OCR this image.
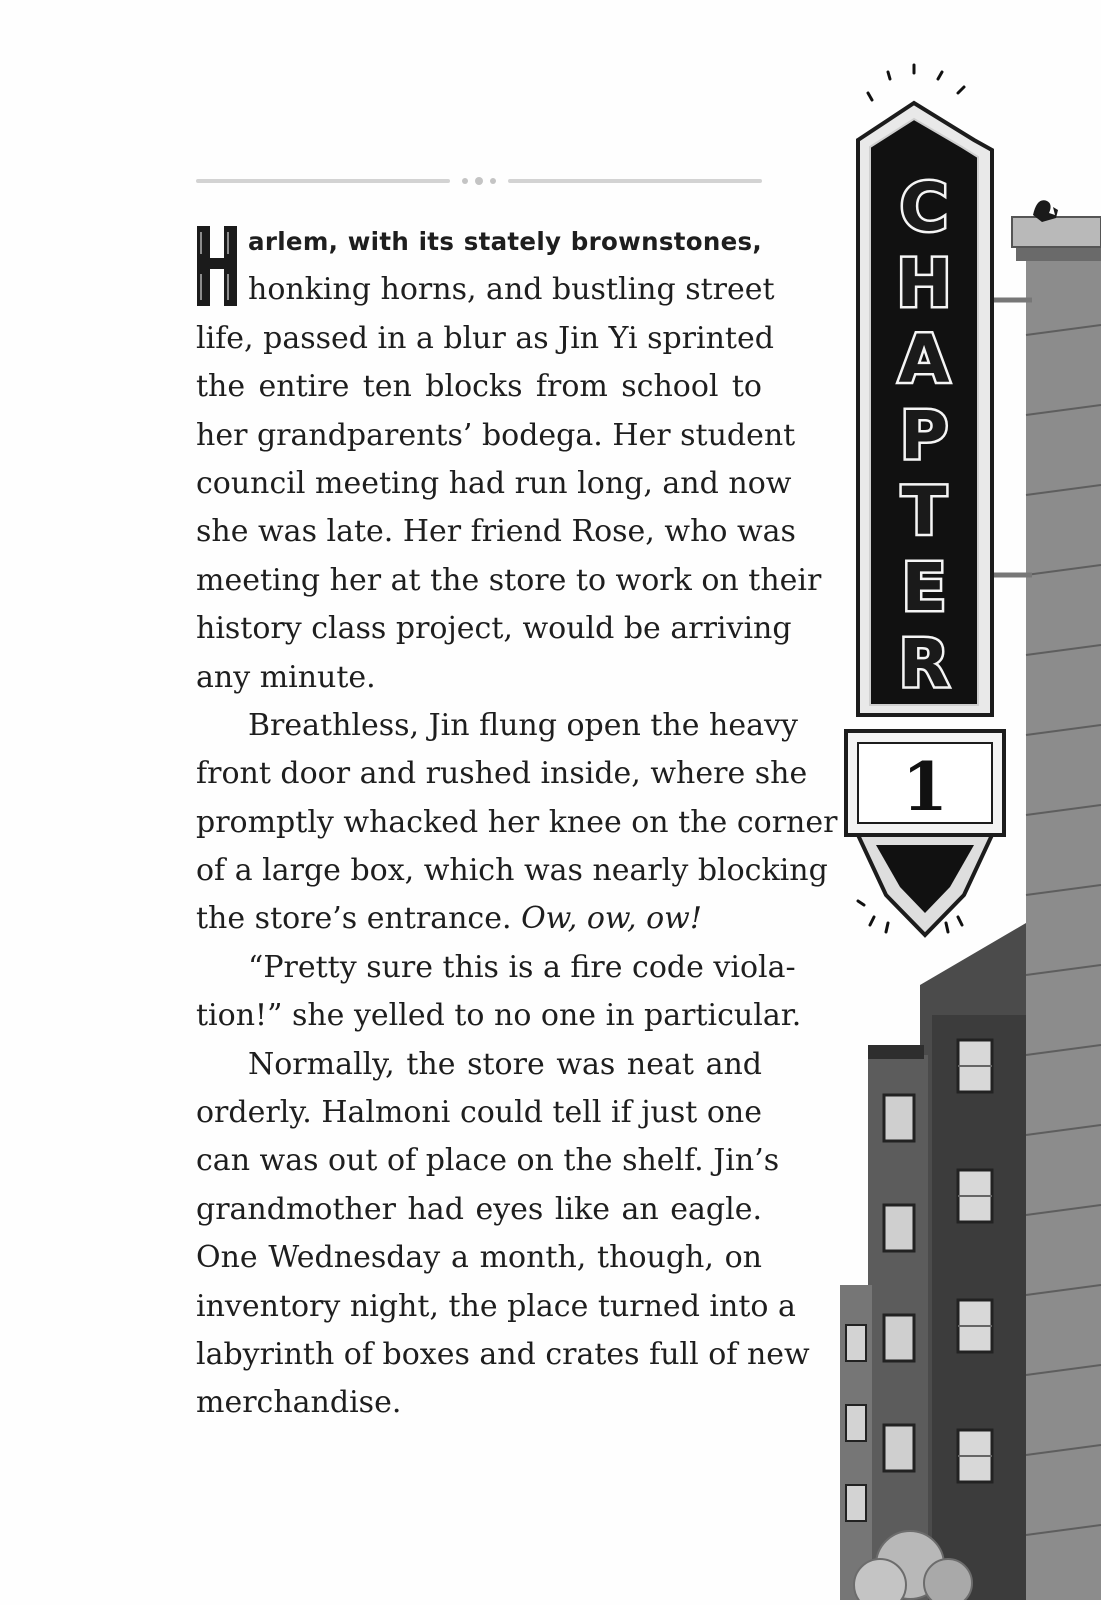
arlem, with its stately brownstones,
honking horns, and bustling street
life, passed in a blur as Jin Yi sprinted
the entire ten blocks from school to
her grandparents’ bodega. Her student
council meeting had run long, and now
she was late. Her friend Rose, who was
meeting her at the store to work on their
history class project, would be arriving
any minute.
Breathless, Jin flung open the heavy
front door and rushed inside, where she
promptly whacked her knee on the corner
of a large box, which was nearly blocking
the store’s entrance. Ow, ow, ow!
“Pretty sure this is a fire code viola-
tion!” she yelled to no one in particular.
Normally, the store was neat and
orderly. Halmoni could tell if just one
can was out of place on the shelf. Jin’s
grandmother had eyes like an eagle.
One Wednesday a month, though, on
inventory night, the place turned into a
labyrinth of boxes and crates full of new
merchandise.
C
H
A
P
T
E
R
1
